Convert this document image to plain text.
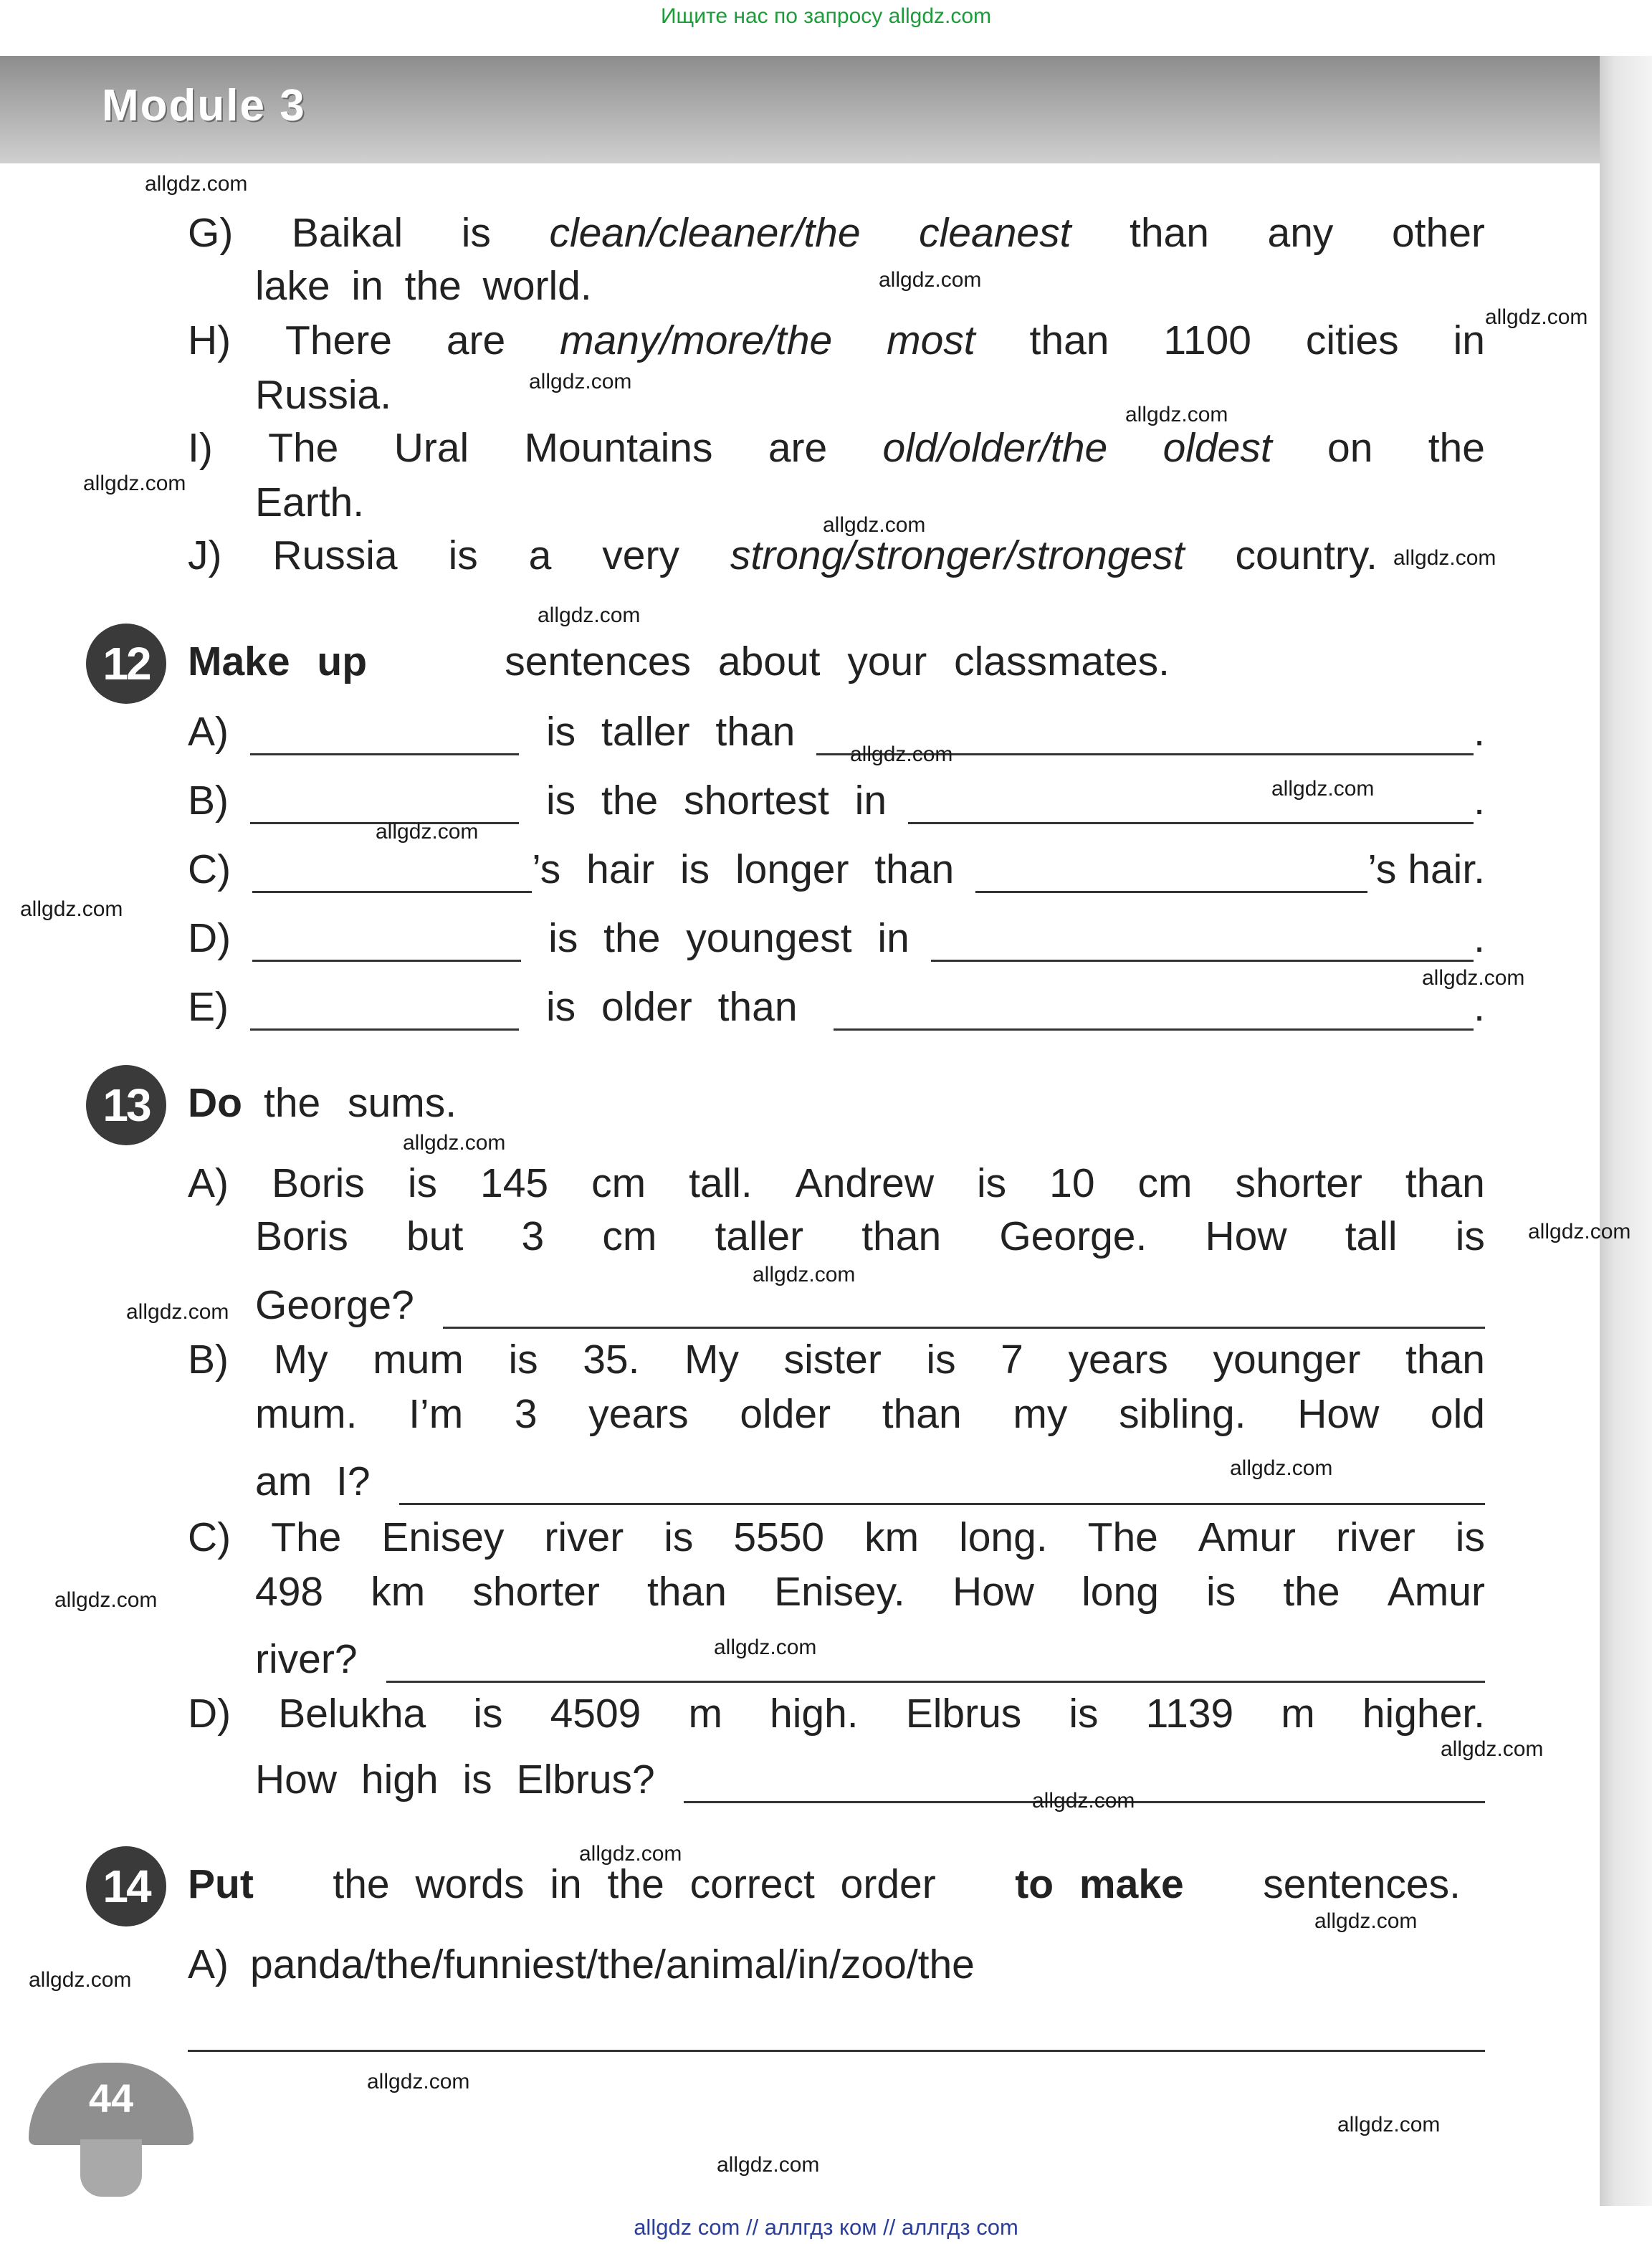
Ищите нас по запросу allgdz.com
Module 3
G) Baikal is clean/cleaner/the cleanest than any other
lake in the world.
H) There are many/more/the most than 1100 cities in
Russia.
I) The Ural Mountains are old/older/the oldest on the
Earth.
J) Russia is a very strong/stronger/strongest country.
12 Make up	sentences about your classmates.
A)	is taller than	.
B)	is the shortest in	.
C)	’s hair is longer than	’s hair.
D)	is the youngest in	.
E)	is older than	.
13 Do the sums.
A) Boris is 145 cm tall. Andrew is 10 cm shorter than
Boris but 3 cm taller than George. How tall is
George?
B) My mum is 35. My sister is 7 years younger than
mum. I’m 3 years older than my sibling. How old
am I?
C) The Enisey river is 5550 km long. The Amur river is
498 km shorter than Enisey. How long is the Amur
river?
D) Belukha is 4509 m high. Elbrus is 1139 m higher.
How high is Elbrus?
14 Put the words in the correct order to make sentences.
A) panda/the/funniest/the/animal/in/zoo/the
44
allgdz.com
allgdz.com
allgdz.com
allgdz.com
allgdz.com
allgdz.com
allgdz.com
allgdz.com
allgdz.com
allgdz.com
allgdz.com
allgdz.com
allgdz.com
allgdz.com
allgdz.com
allgdz.com
allgdz.com
allgdz.com
allgdz.com
allgdz.com
allgdz.com
allgdz.com
allgdz.com
allgdz.com
allgdz.com
allgdz.com
allgdz.com
allgdz.com
allgdz.com
allgdz com // аллгдз ком // аллгдз com
